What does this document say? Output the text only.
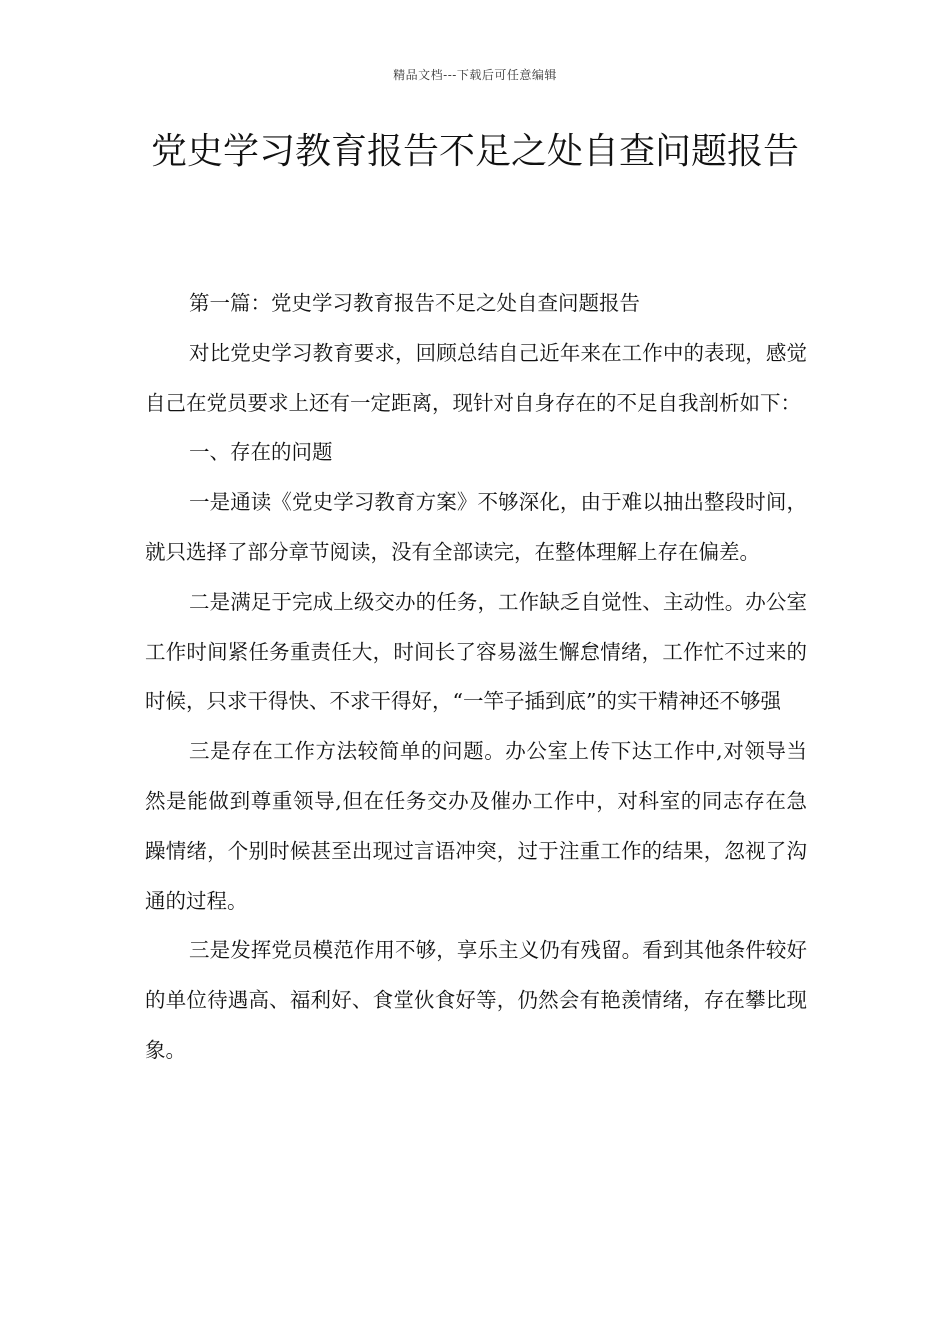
精品文档---下载后可任意编辑
党史学习教育报告不足之处自查问题报告

第一篇：党史学习教育报告不足之处自查问题报告

对比党史学习教育要求，回顾总结自己近年来在工作中的表现，感觉自己在党员要求上还有一定距离，现针对自身存在的不足自我剖析如下：

一、存在的问题

一是通读《党史学习教育方案》不够深化，由于难以抽出整段时间，就只选择了部分章节阅读，没有全部读完，在整体理解上存在偏差。

二是满足于完成上级交办的任务，工作缺乏自觉性、主动性。办公室工作时间紧任务重责任大，时间长了容易滋生懈怠情绪，工作忙不过来的时候，只求干得快、不求干得好，“一竿子插到底”的实干精神还不够强

三是存在工作方法较简单的问题。办公室上传下达工作中,对领导当然是能做到尊重领导,但在任务交办及催办工作中，对科室的同志存在急躁情绪，个别时候甚至出现过言语冲突，过于注重工作的结果，忽视了沟通的过程。

三是发挥党员模范作用不够，享乐主义仍有残留。看到其他条件较好的单位待遇高、福利好、食堂伙食好等，仍然会有艳羡情绪，存在攀比现象。
